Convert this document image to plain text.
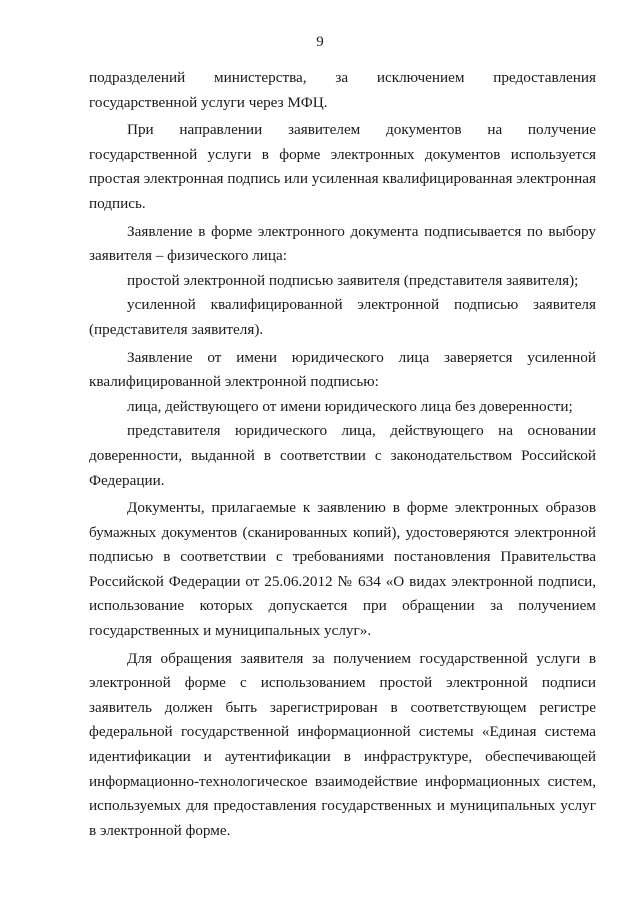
9

подразделений министерства, за исключением предоставления государственной услуги через МФЦ.

При направлении заявителем документов на получение государственной услуги в форме электронных документов используется простая электронная подпись или усиленная квалифицированная электронная подпись.

Заявление в форме электронного документа подписывается по выбору заявителя – физического лица:

простой электронной подписью заявителя (представителя заявителя);

усиленной квалифицированной электронной подписью заявителя (представителя заявителя).

Заявление от имени юридического лица заверяется усиленной квалифицированной электронной подписью:

лица, действующего от имени юридического лица без доверенности;

представителя юридического лица, действующего на основании доверенности, выданной в соответствии с законодательством Российской Федерации.

Документы, прилагаемые к заявлению в форме электронных образов бумажных документов (сканированных копий), удостоверяются электронной подписью в соответствии с требованиями постановления Правительства Российской Федерации от 25.06.2012 № 634 «О видах электронной подписи, использование которых допускается при обращении за получением государственных и муниципальных услуг».

Для обращения заявителя за получением государственной услуги в электронной форме с использованием простой электронной подписи заявитель должен быть зарегистрирован в соответствующем регистре федеральной государственной информационной системы «Единая система идентификации и аутентификации в инфраструктуре, обеспечивающей информационно-технологическое взаимодействие информационных систем, используемых для предоставления государственных и муниципальных услуг в электронной форме.
